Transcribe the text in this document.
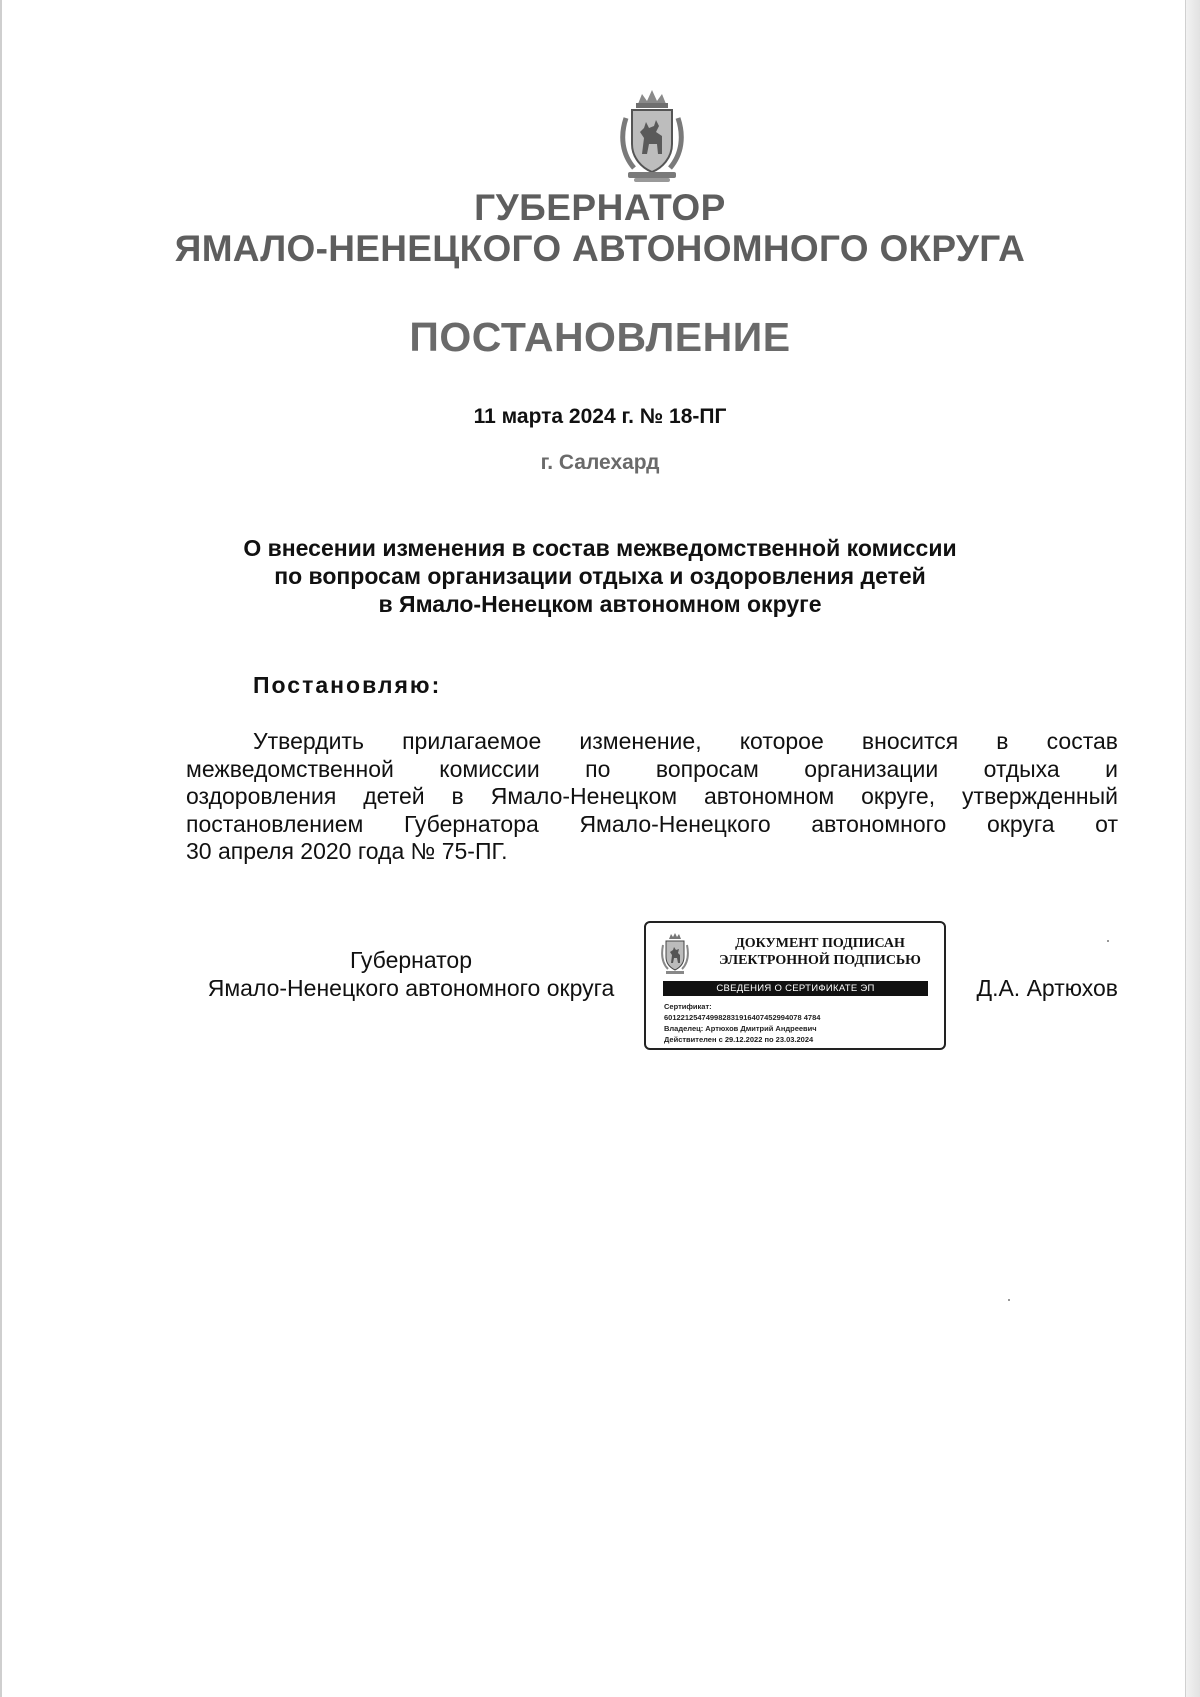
ГУБЕРНАТОР
ЯМАЛО-НЕНЕЦКОГО АВТОНОМНОГО ОКРУГА
ПОСТАНОВЛЕНИЕ
11 марта 2024 г. № 18-ПГ
г. Салехард
О внесении изменения в состав межведомственной комиссии
по вопросам организации отдыха и оздоровления детей
в Ямало-Ненецком автономном округе
Постановляю:
Утвердить прилагаемое изменение, которое вносится в состав
межведомственной комиссии по вопросам организации отдыха и
оздоровления детей в Ямало-Ненецком автономном округе, утвержденный
постановлением Губернатора Ямало-Ненецкого автономного округа от
30 апреля 2020 года № 75-ПГ.
Губернатор
Ямало-Ненецкого автономного округа
ДОКУМЕНТ ПОДПИСАН
ЭЛЕКТРОННОЙ ПОДПИСЬЮ
СВЕДЕНИЯ О СЕРТИФИКАТЕ ЭП
Сертификат:
601221254749982831916407452994078 4784
Владелец: Артюхов Дмитрий Андреевич
Действителен с 29.12.2022 по 23.03.2024
Д.А. Артюхов
